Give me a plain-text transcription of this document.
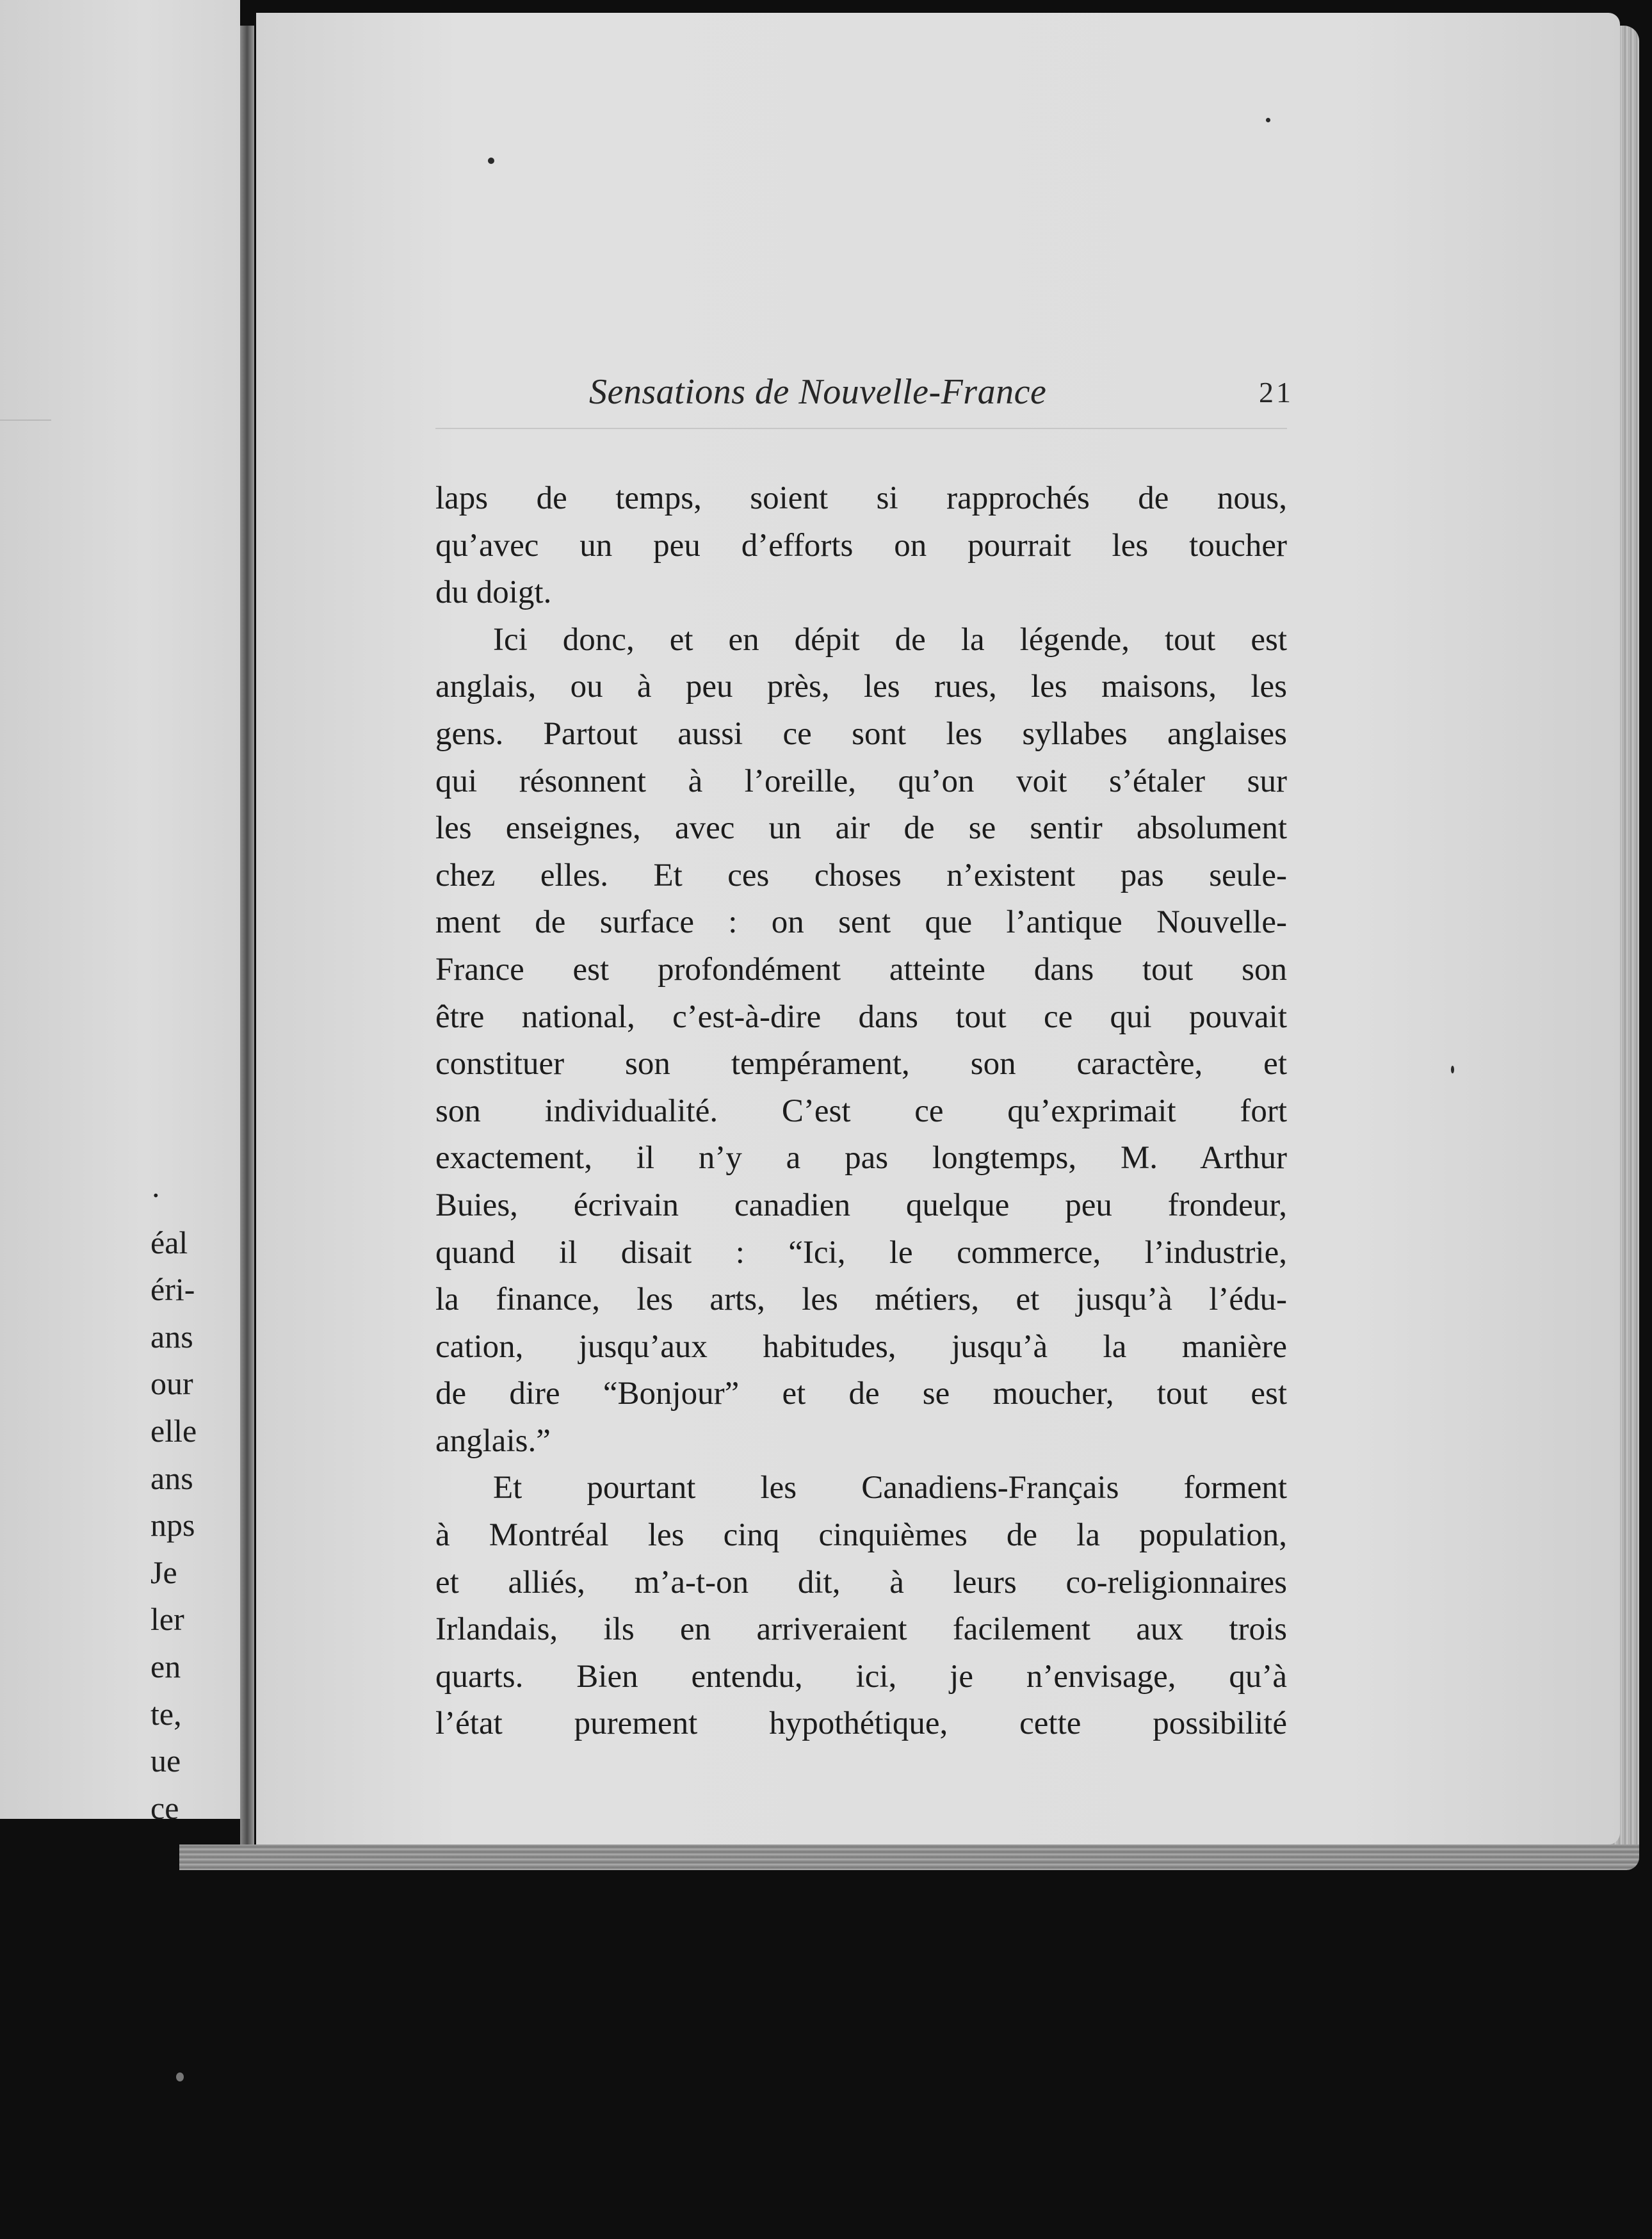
·
éal
éri-
ans
our
elle
ans
nps
Je
ler
en
te,
ue
ce
Sensations de Nouvelle-France	21
laps de temps, soient si rapprochés de nous,
qu’avec un peu d’efforts on pourrait les toucher
du doigt.
Ici donc, et en dépit de la légende, tout est
anglais, ou à peu près, les rues, les maisons, les
gens. Partout aussi ce sont les syllabes anglaises
qui résonnent à l’oreille, qu’on voit s’étaler sur
les enseignes, avec un air de se sentir absolument
chez elles. Et ces choses n’existent pas seule-
ment de surface : on sent que l’antique Nouvelle-
France est profondément atteinte dans tout son
être national, c’est-à-dire dans tout ce qui pouvait
constituer son tempérament, son caractère, et
son individualité. C’est ce qu’exprimait fort
exactement, il n’y a pas longtemps, M. Arthur
Buies, écrivain canadien quelque peu frondeur,
quand il disait : “Ici, le commerce, l’industrie,
la finance, les arts, les métiers, et jusqu’à l’édu-
cation, jusqu’aux habitudes, jusqu’à la manière
de dire “Bonjour” et de se moucher, tout est
anglais.”
Et pourtant les Canadiens-Français forment
à Montréal les cinq cinquièmes de la population,
et alliés, m’a-t-on dit, à leurs co-religionnaires
Irlandais, ils en arriveraient facilement aux trois
quarts. Bien entendu, ici, je n’envisage, qu’à
l’état purement hypothétique, cette possibilité
